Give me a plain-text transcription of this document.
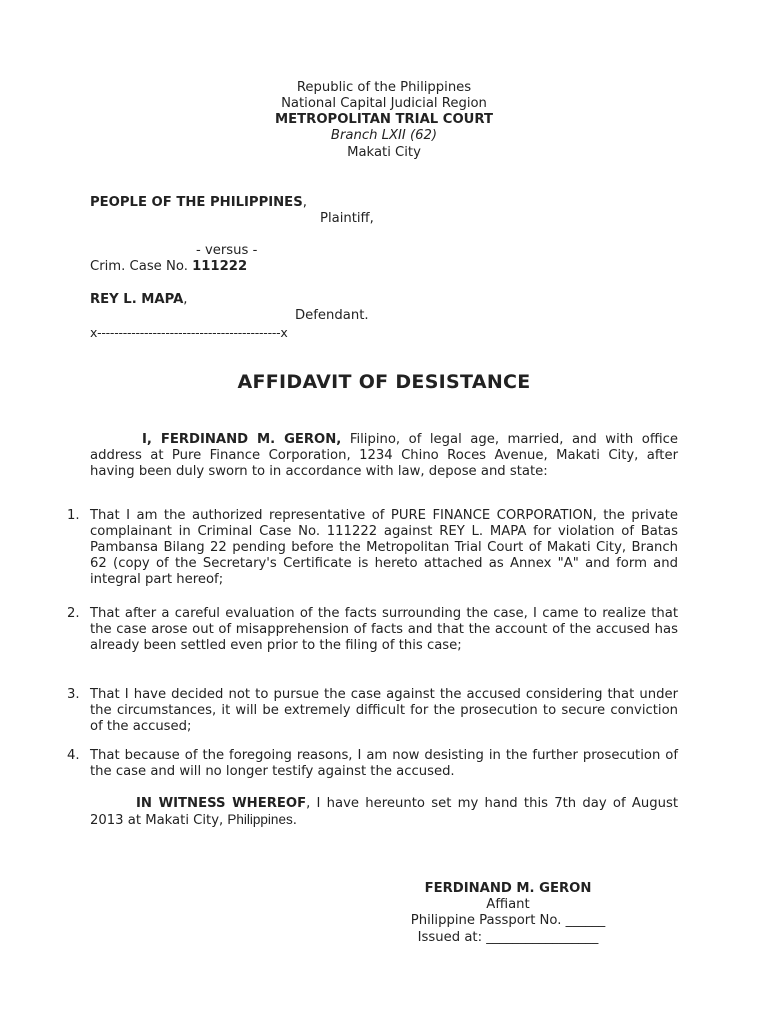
Republic of the Philippines
National Capital Judicial Region
METROPOLITAN TRIAL COURT
Branch LXII (62)
Makati City
PEOPLE OF THE PHILIPPINES,
Plaintiff,
- versus -
Crim. Case No. 111222
REY L. MAPA,
Defendant.
x-------------------------------------------x
AFFIDAVIT OF DESISTANCE
I, FERDINAND M. GERON, Filipino, of legal age, married, and with office address at Pure Finance Corporation, 1234 Chino Roces Avenue, Makati City, after having been duly sworn to in accordance with law, depose and state:
1. That I am the authorized representative of PURE FINANCE CORPORATION, the private complainant in Criminal Case No. 111222 against REY L. MAPA for violation of Batas Pambansa Bilang 22 pending before the Metropolitan Trial Court of Makati City, Branch 62 (copy of the Secretary's Certificate is hereto attached as Annex "A" and form and integral part hereof;
2. That after a careful evaluation of the facts surrounding the case, I came to realize that the case arose out of misapprehension of facts and that the account of the accused has already been settled even prior to the filing of this case;
3. That I have decided not to pursue the case against the accused considering that under the circumstances, it will be extremely difficult for the prosecution to secure conviction of the accused;
4. That because of the foregoing reasons, I am now desisting in the further prosecution of the case and will no longer testify against the accused.
IN WITNESS WHEREOF, I have hereunto set my hand this 7th day of August 2013 at Makati City, Philippines.
FERDINAND M. GERON
Affiant
Philippine Passport No. ______
Issued at: _________________
